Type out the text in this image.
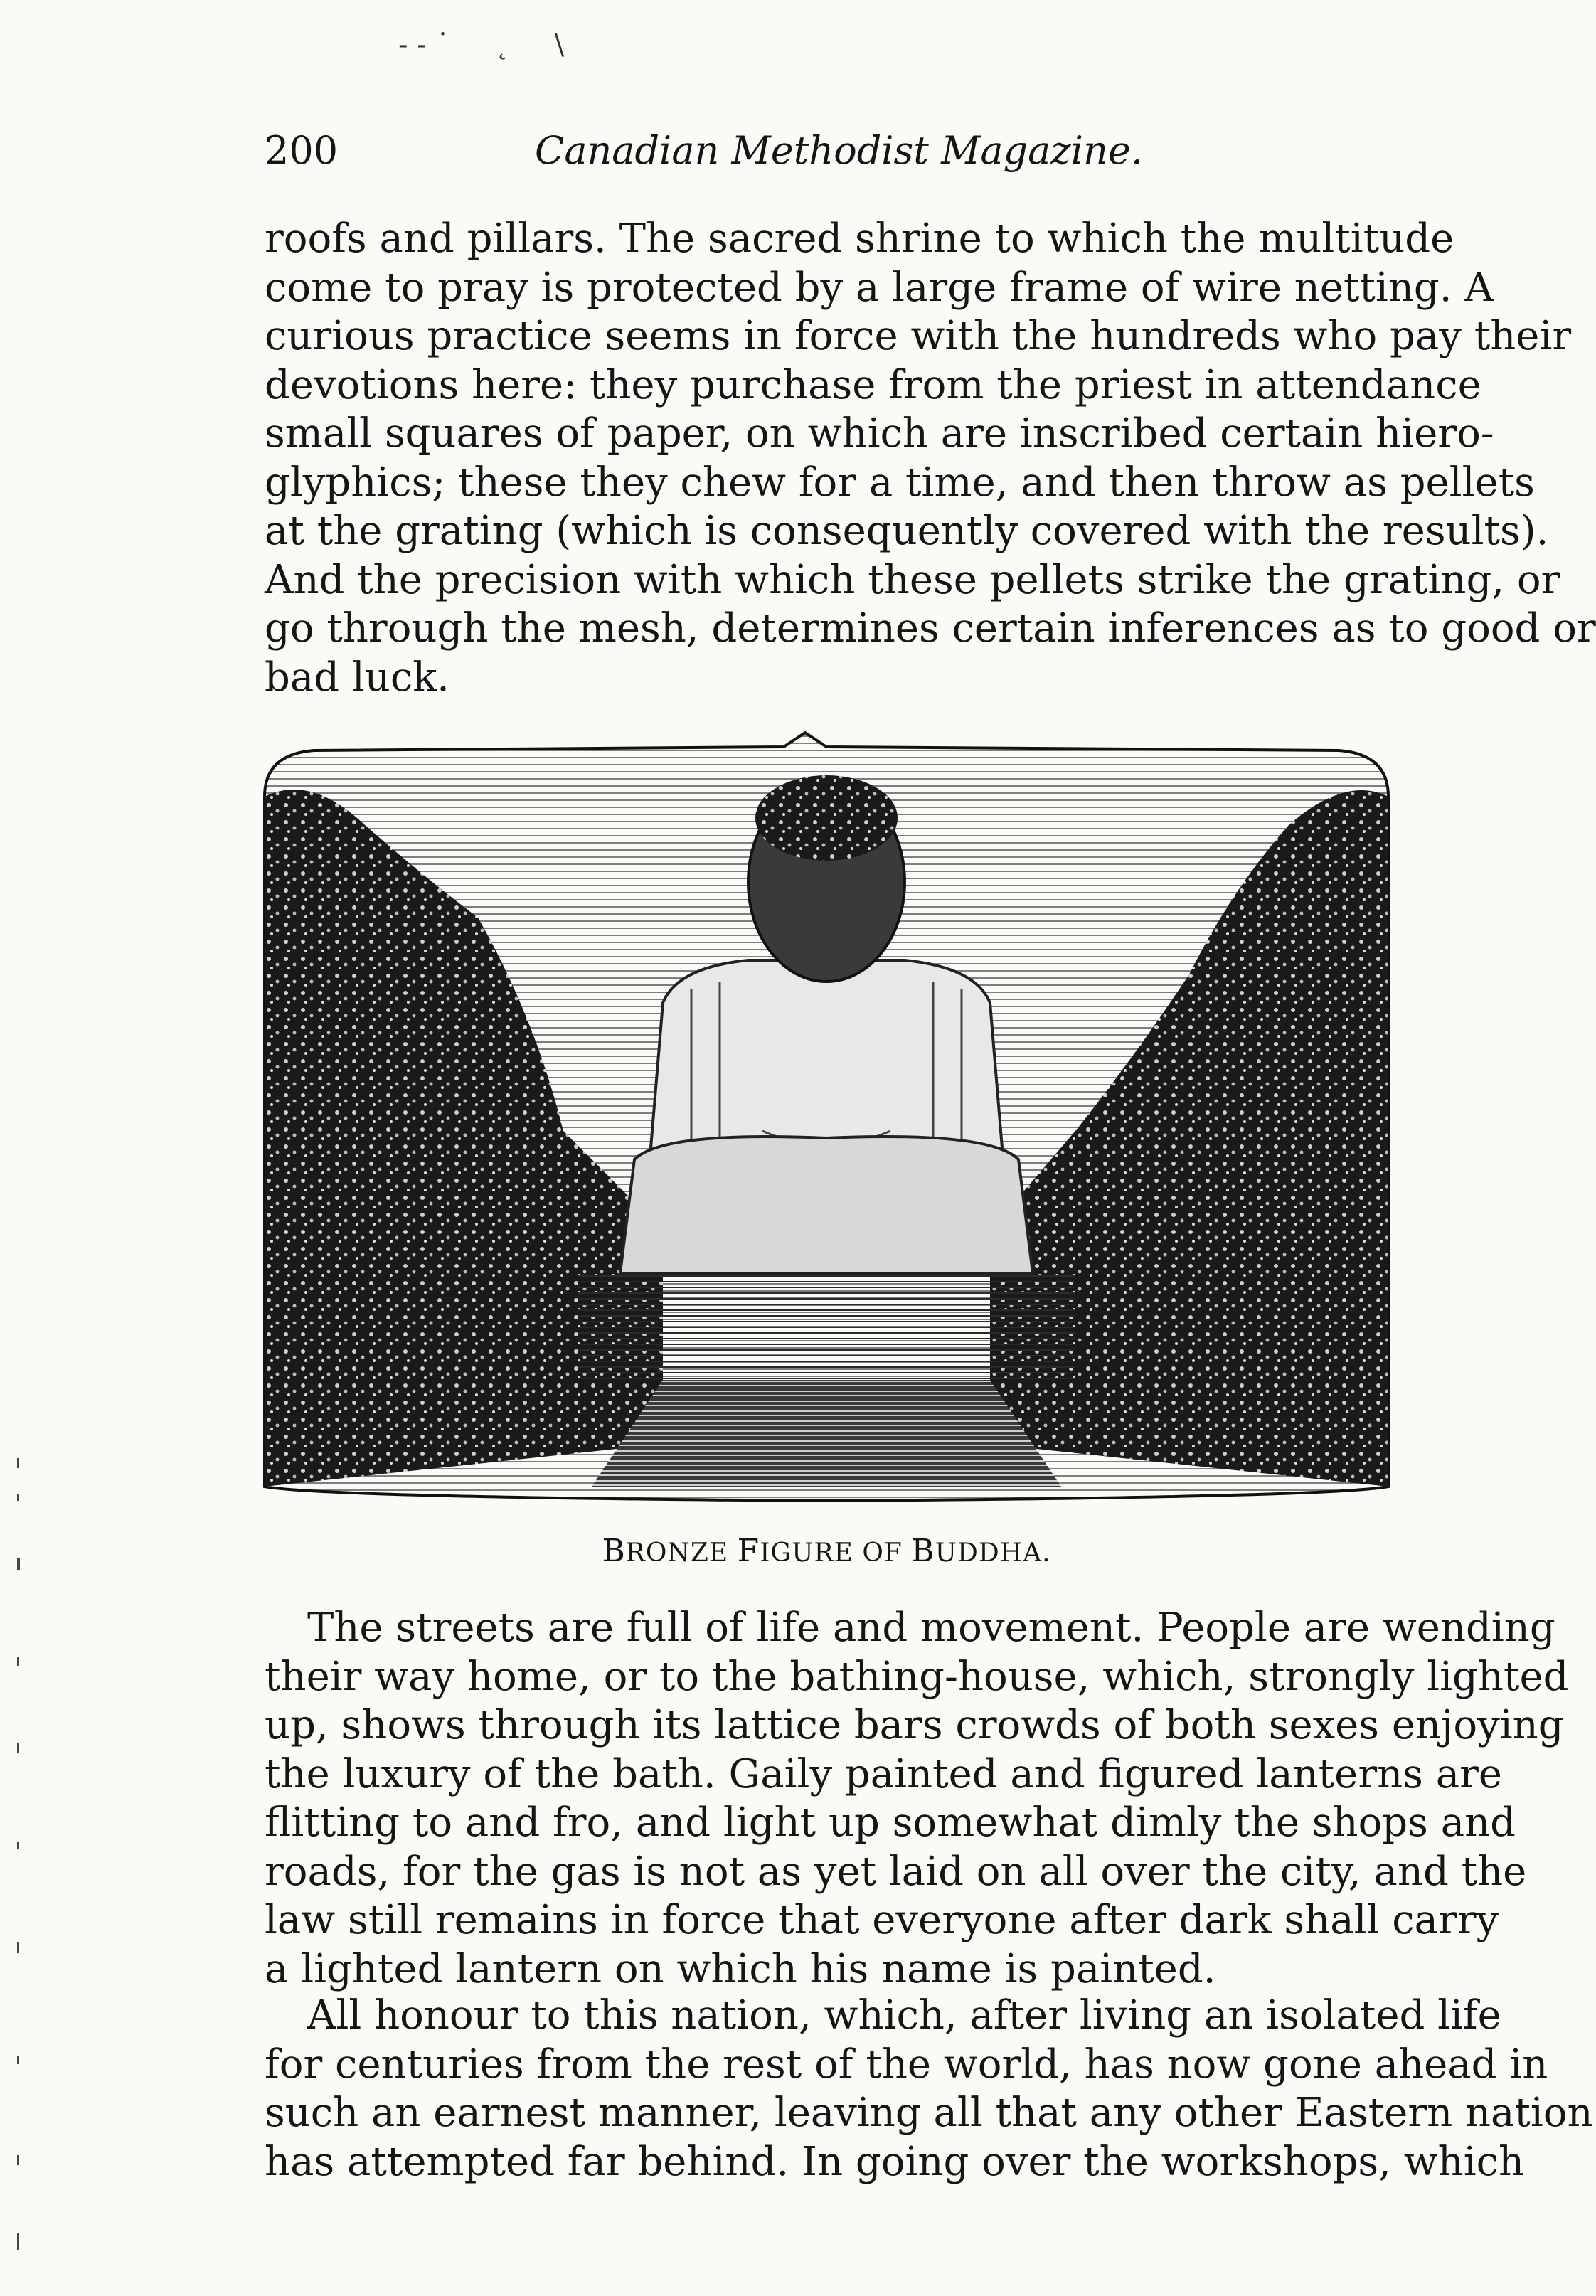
- - ˙     ˛     \
200	Canadian Methodist Magazine.
roofs and pillars. The sacred shrine to which the multitude
come to pray is protected by a large frame of wire netting. A
curious practice seems in force with the hundreds who pay their
devotions here: they purchase from the priest in attendance
small squares of paper, on which are inscribed certain hiero-
glyphics; these they chew for a time, and then throw as pellets
at the grating (which is consequently covered with the results).
And the precision with which these pellets strike the grating, or
go through the mesh, determines certain inferences as to good or
bad luck.
BRONZE FIGURE OF BUDDHA.
The streets are full of life and movement. People are wending
their way home, or to the bathing-house, which, strongly lighted
up, shows through its lattice bars crowds of both sexes enjoying
the luxury of the bath. Gaily painted and figured lanterns are
flitting to and fro, and light up somewhat dimly the shops and
roads, for the gas is not as yet laid on all over the city, and the
law still remains in force that everyone after dark shall carry
a lighted lantern on which his name is painted.
All honour to this nation, which, after living an isolated life
for centuries from the rest of the world, has now gone ahead in
such an earnest manner, leaving all that any other Eastern nation
has attempted far behind. In going over the workshops, which
